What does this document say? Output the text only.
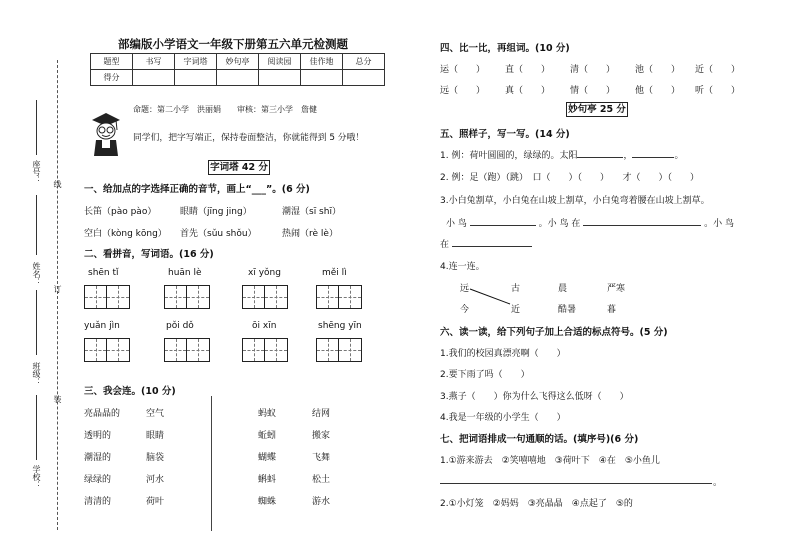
线
订
装
座号：
姓名：
班级：
学校：
部编版小学语文一年级下册第五六单元检测题
题型	书写	字词塔	妙句亭	阅读园	佳作地	总分
得分						
命题：第二小学　洪丽娟　　审核：第三小学　詹健
同学们，把字写端正，保持卷面整洁，你就能得到 5 分哦！
字词塔 42 分
一、给加点的字选择正确的音节，画上“___”。(6 分)
长笛（pào pào）	眼睛（jīng jing）	潮湿（sī shī）
空白（kòng kōng） 首先（sǔu shǒu）	热闹（rè lè）
二、看拼音，写词语。(16 分)
shēn tǐ	huān lè	xī yǒng	měi lì
yuǎn jìn	pǒi dǒ	ōi xīn	shēng yīn
三、我会连。(10 分)
亮晶晶的
透明的
潮湿的
绿绿的
清清的
空气
眼睛
脑袋
河水
荷叶
蚂蚁
蚯蚓
蝴蝶
蝌蚪
蜘蛛
结网
搬家
飞舞
松土
游水
四、比一比，再组词。(10 分)
运（　　） 直（　　） 清（　　） 池（　　） 近（　　）
远（　　） 真（　　） 情（　　） 他（　　） 听（　　）
妙句亭 25 分
五、照样子，写一写。(14 分)
1. 例：荷叶圆圆的，绿绿的。太阳	，	。
2. 例：足（跑）（跳）　口（　　）（　　）　　才（　　）（　　）
3.小白兔割草，小白兔在山坡上割草，小白兔弯着腰在山坡上割草。
小 鸟	。小 鸟 在	。小 鸟
在
4.连一连。
远	古	晨	严寒
今	近	酷暑	暮
六、读一读，给下列句子加上合适的标点符号。(5 分)
1.我们的校园真漂亮啊（　　）
2.要下雨了吗（　　）
3.燕子（　　）你为什么飞得这么低呀（　　）
4.我是一年级的小学生（　　）
七、把词语排成一句通顺的话。(填序号)(6 分)
1.①游来游去　②笑嘻嘻地　③荷叶下　④在　⑤小鱼儿
。
2.①小灯笼　②妈妈　③亮晶晶　④点起了　⑤的
